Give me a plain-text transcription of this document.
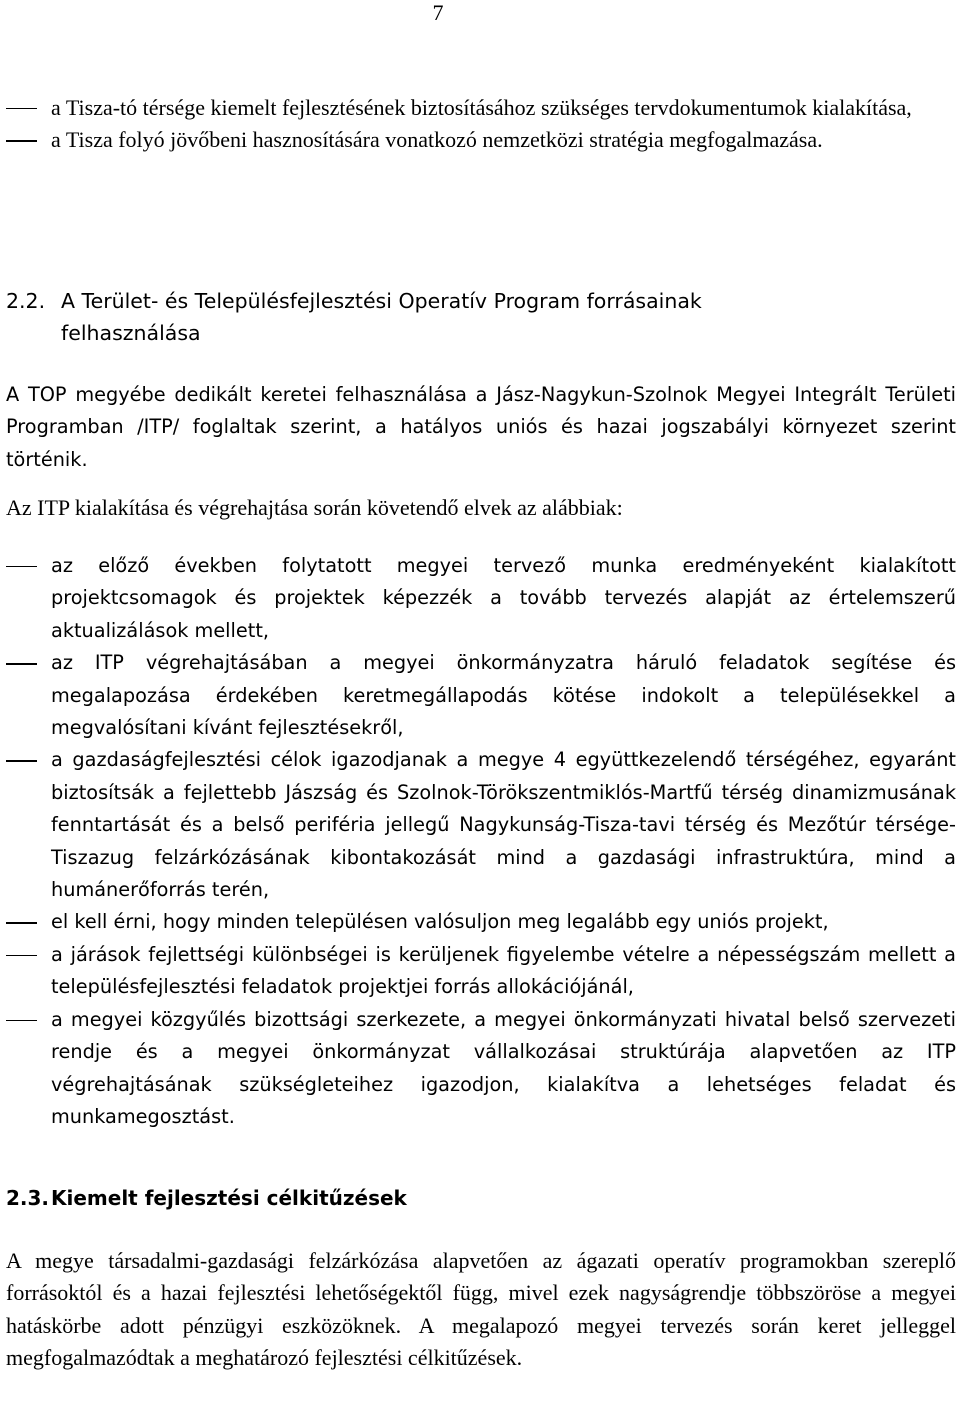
7
a Tisza-tó térsége kiemelt fejlesztésének biztosításához szükséges tervdokumentumok kialakítása,
a Tisza folyó jövőbeni hasznosítására vonatkozó nemzetközi stratégia megfogalmazása.
2.2. A Terület- és Településfejlesztési Operatív Program forrásainak felhasználása
A TOP megyébe dedikált keretei felhasználása a Jász-Nagykun-Szolnok Megyei Integrált Területi Programban /ITP/ foglaltak szerint, a hatályos uniós és hazai jogszabályi környezet szerint történik.
Az ITP kialakítása és végrehajtása során követendő elvek az alábbiak:
az előző években folytatott megyei tervező munka eredményeként kialakított projektcsomagok és projektek képezzék a tovább tervezés alapját az értelemszerű aktualizálások mellett,
az ITP végrehajtásában a megyei önkormányzatra háruló feladatok segítése és megalapozása érdekében keretmegállapodás kötése indokolt a településekkel a megvalósítani kívánt fejlesztésekről,
a gazdaságfejlesztési célok igazodjanak a megye 4 együttkezelendő térségéhez, egyaránt biztosítsák a fejlettebb Jászság és Szolnok-Törökszentmiklós-Martfű térség dinamizmusának fenntartását és a belső periféria jellegű Nagykunság-Tisza-tavi térség és Mezőtúr térsége-Tiszazug felzárkózásának kibontakozását mind a gazdasági infrastruktúra, mind a humánerőforrás terén,
el kell érni, hogy minden településen valósuljon meg legalább egy uniós projekt,
a járások fejlettségi különbségei is kerüljenek figyelembe vételre a népességszám mellett a településfejlesztési feladatok projektjei forrás allokációjánál,
a megyei közgyűlés bizottsági szerkezete, a megyei önkormányzati hivatal belső szervezeti rendje és a megyei önkormányzat vállalkozásai struktúrája alapvetően az ITP végrehajtásának szükségleteihez igazodjon, kialakítva a lehetséges feladat és munkamegosztást.
2.3. Kiemelt fejlesztési célkitűzések
A megye társadalmi-gazdasági felzárkózása alapvetően az ágazati operatív programokban szereplő forrásoktól és a hazai fejlesztési lehetőségektől függ, mivel ezek nagyságrendje többszöröse a megyei hatáskörbe adott pénzügyi eszközöknek. A megalapozó megyei tervezés során keret jelleggel megfogalmazódtak a meghatározó fejlesztési célkitűzések.
